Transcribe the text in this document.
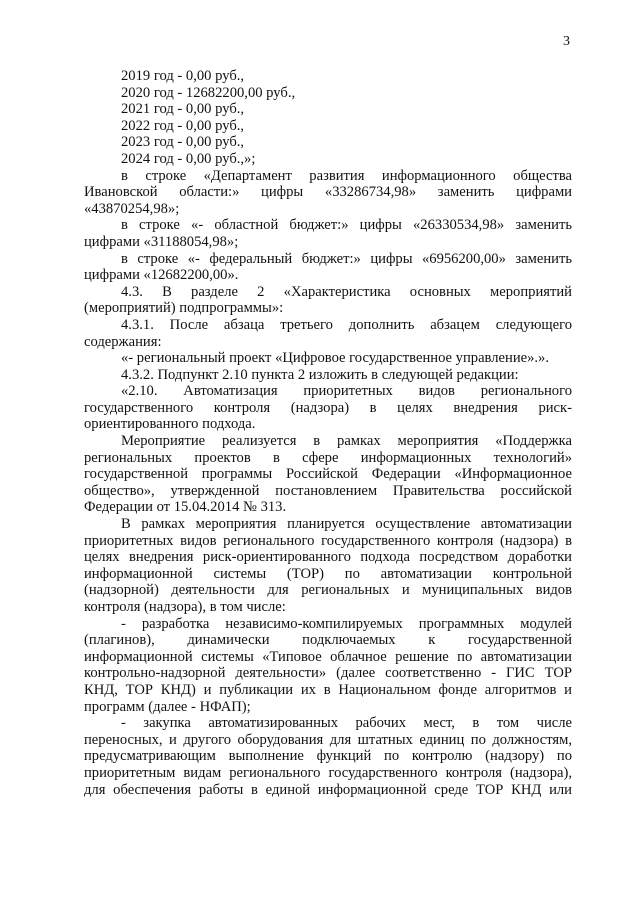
3
2019 год - 0,00 руб.,
2020 год - 12682200,00 руб.,
2021 год - 0,00 руб.,
2022 год - 0,00 руб.,
2023 год - 0,00 руб.,
2024 год - 0,00 руб.,»;
в строке «Департамент развития информационного общества
Ивановской области:» цифры «33286734,98» заменить цифрами
«43870254,98»;
в строке «- областной бюджет:» цифры «26330534,98» заменить
цифрами «31188054,98»;
в строке «- федеральный бюджет:» цифры «6956200,00» заменить
цифрами «12682200,00».
4.3. В разделе 2 «Характеристика основных мероприятий
(мероприятий) подпрограммы»:
4.3.1. После абзаца третьего дополнить абзацем следующего
содержания:
«- региональный проект «Цифровое государственное управление».».
4.3.2. Подпункт 2.10 пункта 2 изложить в следующей редакции:
«2.10. Автоматизация приоритетных видов регионального
государственного контроля (надзора) в целях внедрения риск-
ориентированного подхода.
Мероприятие реализуется в рамках мероприятия «Поддержка
региональных проектов в сфере информационных технологий»
государственной программы Российской Федерации «Информационное
общество», утвержденной постановлением Правительства российской
Федерации от 15.04.2014 № 313.
В рамках мероприятия планируется осуществление автоматизации
приоритетных видов регионального государственного контроля (надзора) в
целях внедрения риск-ориентированного подхода посредством доработки
информационной системы (ТОР) по автоматизации контрольной
(надзорной) деятельности для региональных и муниципальных видов
контроля (надзора), в том числе:
- разработка независимо-компилируемых программных модулей
(плагинов), динамически подключаемых к государственной
информационной системы «Типовое облачное решение по автоматизации
контрольно-надзорной деятельности» (далее соответственно - ГИС ТОР
КНД, ТОР КНД) и публикации их в Национальном фонде алгоритмов и
программ (далее - НФАП);
- закупка автоматизированных рабочих мест, в том числе
переносных, и другого оборудования для штатных единиц по должностям,
предусматривающим выполнение функций по контролю (надзору) по
приоритетным видам регионального государственного контроля (надзора),
для обеспечения работы в единой информационной среде ТОР КНД или
